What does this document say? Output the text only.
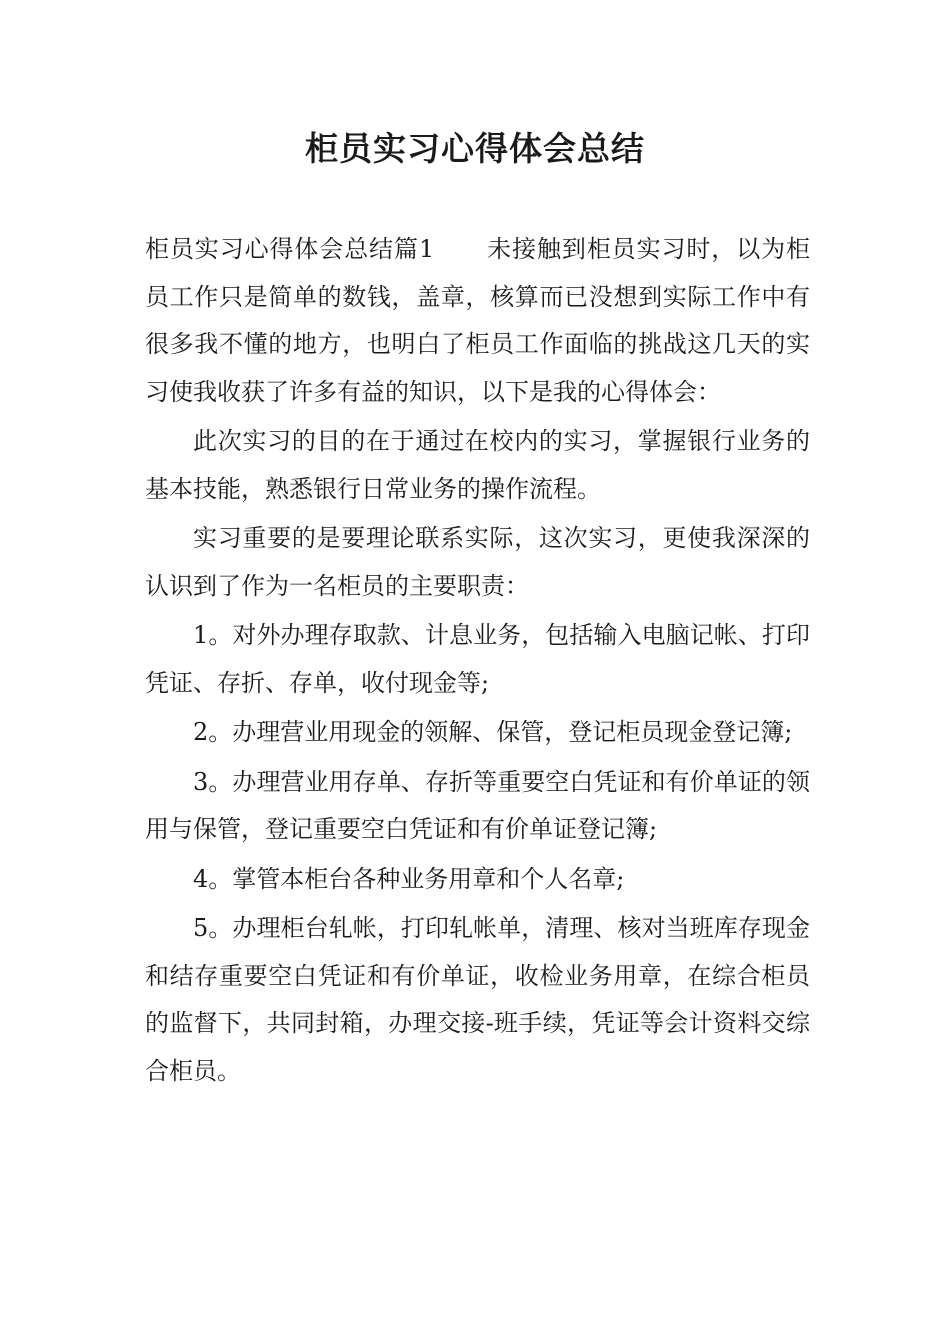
柜员实习心得体会总结

柜员实习心得体会总结篇1 未接触到柜员实习时，以为柜员工作只是简单的数钱，盖章，核算而已没想到实际工作中有很多我不懂的地方，也明白了柜员工作面临的挑战这几天的实习使我收获了许多有益的知识，以下是我的心得体会：

此次实习的目的在于通过在校内的实习，掌握银行业务的基本技能，熟悉银行日常业务的操作流程。

实习重要的是要理论联系实际，这次实习，更使我深深的认识到了作为一名柜员的主要职责：

1。对外办理存取款、计息业务，包括输入电脑记帐、打印凭证、存折、存单，收付现金等;

2。办理营业用现金的领解、保管，登记柜员现金登记簿;

3。办理营业用存单、存折等重要空白凭证和有价单证的领用与保管，登记重要空白凭证和有价单证登记簿;

4。掌管本柜台各种业务用章和个人名章;

5。办理柜台轧帐，打印轧帐单，清理、核对当班库存现金和结存重要空白凭证和有价单证，收检业务用章，在综合柜员的监督下，共同封箱，办理交接-班手续，凭证等会计资料交综合柜员。
